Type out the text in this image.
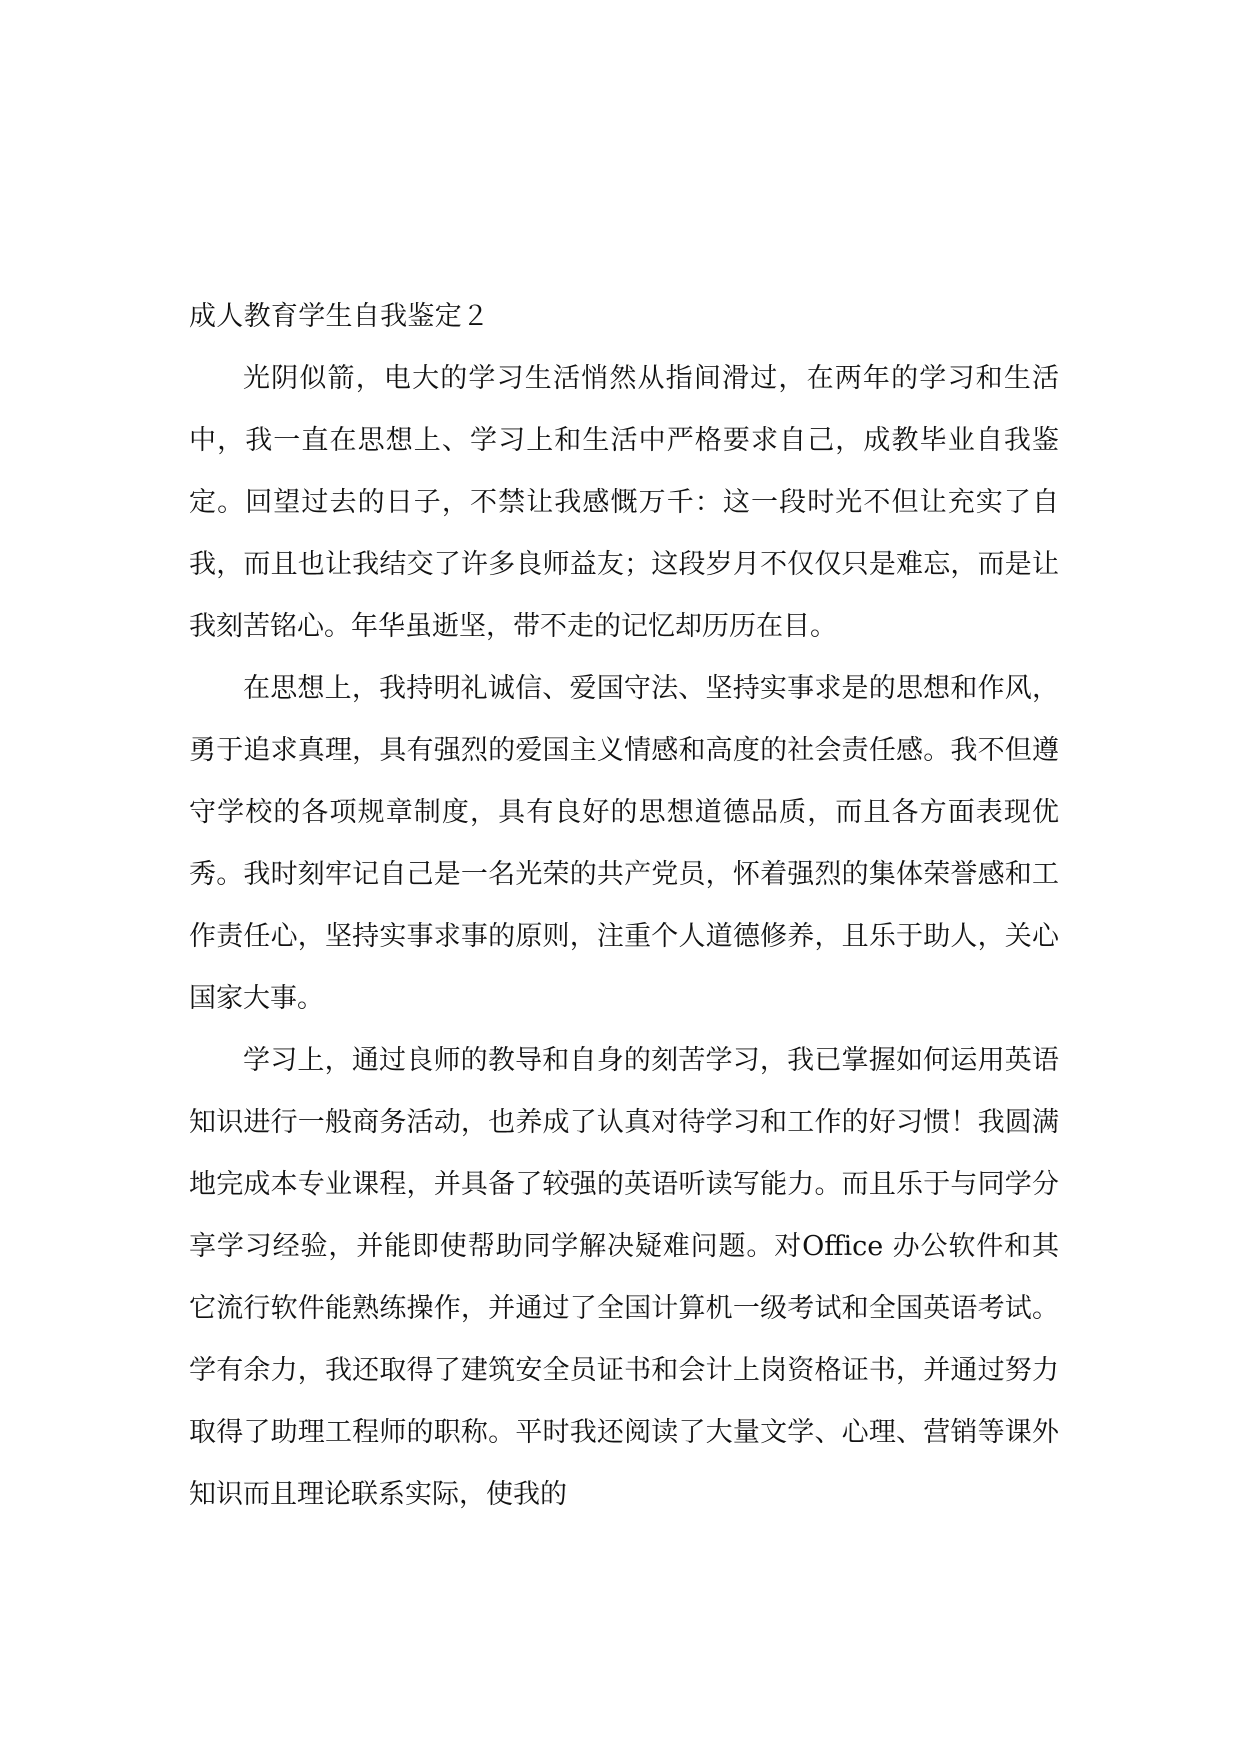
成人教育学生自我鉴定２

光阴似箭，电大的学习生活悄然从指间滑过，在两年的学习和生活中，我一直在思想上、学习上和生活中严格要求自己，成教毕业自我鉴定。回望过去的日子，不禁让我感慨万千：这一段时光不但让充实了自我，而且也让我结交了许多良师益友；这段岁月不仅仅只是难忘，而是让我刻苦铭心。年华虽逝坚，带不走的记忆却历历在目。

在思想上，我持明礼诚信、爱国守法、坚持实事求是的思想和作风，勇于追求真理，具有强烈的爱国主义情感和高度的社会责任感。我不但遵守学校的各项规章制度，具有良好的思想道德品质，而且各方面表现优秀。我时刻牢记自己是一名光荣的共产党员，怀着强烈的集体荣誉感和工作责任心，坚持实事求事的原则，注重个人道德修养，且乐于助人，关心国家大事。

学习上，通过良师的教导和自身的刻苦学习，我已掌握如何运用英语知识进行一般商务活动，也养成了认真对待学习和工作的好习惯！我圆满地完成本专业课程，并具备了较强的英语听读写能力。而且乐于与同学分享学习经验，并能即使帮助同学解决疑难问题。对Office 办公软件和其它流行软件能熟练操作，并通过了全国计算机一级考试和全国英语考试。学有余力，我还取得了建筑安全员证书和会计上岗资格证书，并通过努力取得了助理工程师的职称。平时我还阅读了大量文学、心理、营销等课外知识而且理论联系实际，使我的
